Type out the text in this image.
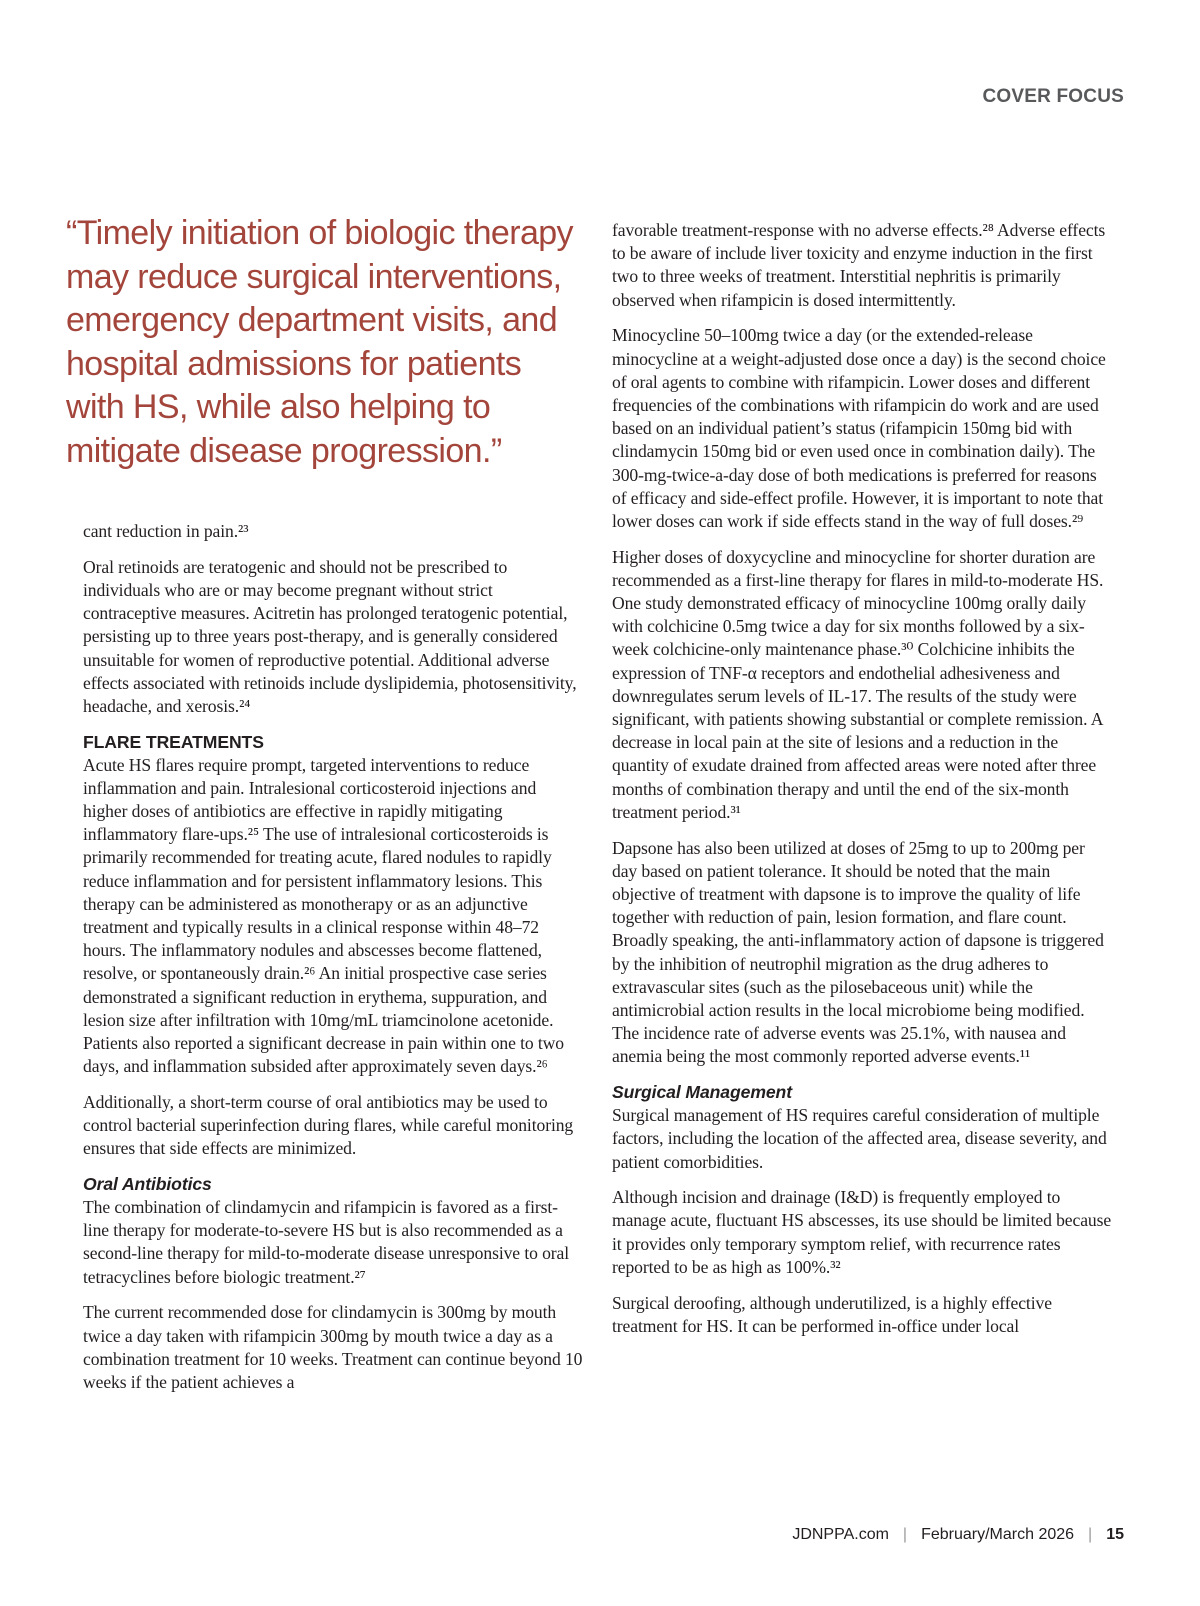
COVER FOCUS

“Timely initiation of biologic therapy may reduce surgical interventions, emergency department visits, and hospital admissions for patients with HS, while also helping to mitigate disease progression.”

cant reduction in pain.²³

Oral retinoids are teratogenic and should not be prescribed to individuals who are or may become pregnant without strict contraceptive measures. Acitretin has prolonged teratogenic potential, persisting up to three years post-therapy, and is generally considered unsuitable for women of reproductive potential. Additional adverse effects associated with retinoids include dyslipidemia, photosensitivity, headache, and xerosis.²⁴

FLARE TREATMENTS

Acute HS flares require prompt, targeted interventions to reduce inflammation and pain. Intralesional corticosteroid injections and higher doses of antibiotics are effective in rapidly mitigating inflammatory flare-ups.²⁵ The use of intralesional corticosteroids is primarily recommended for treating acute, flared nodules to rapidly reduce inflammation and for persistent inflammatory lesions. This therapy can be administered as monotherapy or as an adjunctive treatment and typically results in a clinical response within 48–72 hours. The inflammatory nodules and abscesses become flattened, resolve, or spontaneously drain.²⁶ An initial prospective case series demonstrated a significant reduction in erythema, suppuration, and lesion size after infiltration with 10mg/mL triamcinolone acetonide. Patients also reported a significant decrease in pain within one to two days, and inflammation subsided after approximately seven days.²⁶

Additionally, a short-term course of oral antibiotics may be used to control bacterial superinfection during flares, while careful monitoring ensures that side effects are minimized.

Oral Antibiotics

The combination of clindamycin and rifampicin is favored as a first-line therapy for moderate-to-severe HS but is also recommended as a second-line therapy for mild-to-moderate disease unresponsive to oral tetracyclines before biologic treatment.²⁷

The current recommended dose for clindamycin is 300mg by mouth twice a day taken with rifampicin 300mg by mouth twice a day as a combination treatment for 10 weeks. Treatment can continue beyond 10 weeks if the patient achieves a

favorable treatment-response with no adverse effects.²⁸ Adverse effects to be aware of include liver toxicity and enzyme induction in the first two to three weeks of treatment. Interstitial nephritis is primarily observed when rifampicin is dosed intermittently.

Minocycline 50–100mg twice a day (or the extended-release minocycline at a weight-adjusted dose once a day) is the second choice of oral agents to combine with rifampicin. Lower doses and different frequencies of the combinations with rifampicin do work and are used based on an individual patient’s status (rifampicin 150mg bid with clindamycin 150mg bid or even used once in combination daily). The 300-mg-twice-a-day dose of both medications is preferred for reasons of efficacy and side-effect profile. However, it is important to note that lower doses can work if side effects stand in the way of full doses.²⁹

Higher doses of doxycycline and minocycline for shorter duration are recommended as a first-line therapy for flares in mild-to-moderate HS. One study demonstrated efficacy of minocycline 100mg orally daily with colchicine 0.5mg twice a day for six months followed by a six-week colchicine-only maintenance phase.³⁰ Colchicine inhibits the expression of TNF-α receptors and endothelial adhesiveness and downregulates serum levels of IL-17. The results of the study were significant, with patients showing substantial or complete remission. A decrease in local pain at the site of lesions and a reduction in the quantity of exudate drained from affected areas were noted after three months of combination therapy and until the end of the six-month treatment period.³¹

Dapsone has also been utilized at doses of 25mg to up to 200mg per day based on patient tolerance. It should be noted that the main objective of treatment with dapsone is to improve the quality of life together with reduction of pain, lesion formation, and flare count. Broadly speaking, the anti-inflammatory action of dapsone is triggered by the inhibition of neutrophil migration as the drug adheres to extravascular sites (such as the pilosebaceous unit) while the antimicrobial action results in the local microbiome being modified. The incidence rate of adverse events was 25.1%, with nausea and anemia being the most commonly reported adverse events.¹¹

Surgical Management

Surgical management of HS requires careful consideration of multiple factors, including the location of the affected area, disease severity, and patient comorbidities.

Although incision and drainage (I&D) is frequently employed to manage acute, fluctuant HS abscesses, its use should be limited because it provides only temporary symptom relief, with recurrence rates reported to be as high as 100%.³²

Surgical deroofing, although underutilized, is a highly effective treatment for HS. It can be performed in-office under local

JDNPPA.com | February/March 2026 | 15
